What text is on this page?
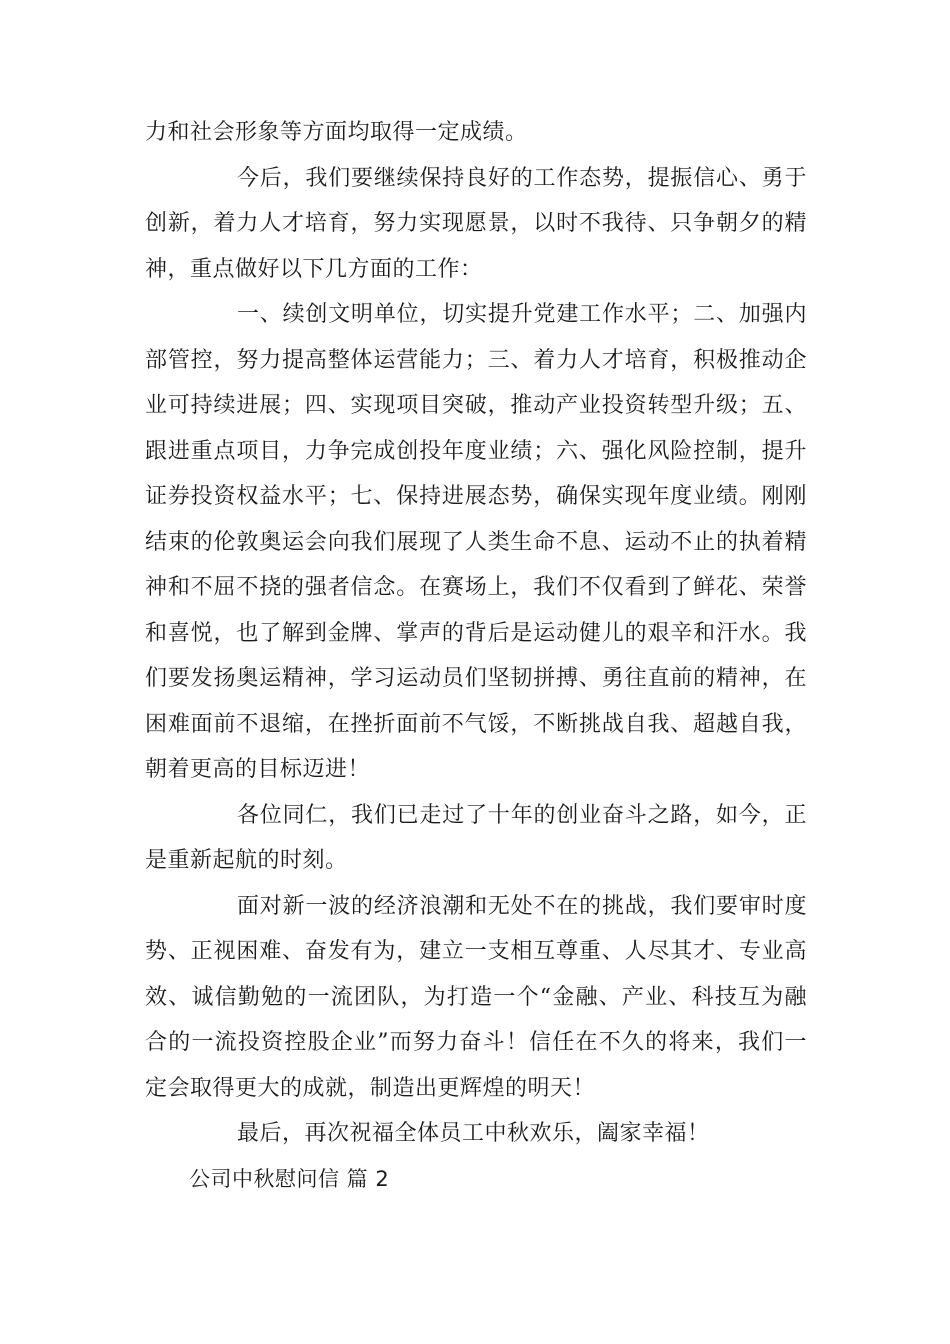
力和社会形象等方面均取得一定成绩。

今后，我们要继续保持良好的工作态势，提振信心、勇于创新，着力人才培育，努力实现愿景，以时不我待、只争朝夕的精神，重点做好以下几方面的工作：

一、续创文明单位，切实提升党建工作水平；二、加强内部管控，努力提高整体运营能力；三、着力人才培育，积极推动企业可持续进展；四、实现项目突破，推动产业投资转型升级；五、跟进重点项目，力争完成创投年度业绩；六、强化风险控制，提升证券投资权益水平；七、保持进展态势，确保实现年度业绩。刚刚结束的伦敦奥运会向我们展现了人类生命不息、运动不止的执着精神和不屈不挠的强者信念。在赛场上，我们不仅看到了鲜花、荣誉和喜悦，也了解到金牌、掌声的背后是运动健儿的艰辛和汗水。我们要发扬奥运精神，学习运动员们坚韧拼搏、勇往直前的精神，在困难面前不退缩，在挫折面前不气馁，不断挑战自我、超越自我，朝着更高的目标迈进！

各位同仁，我们已走过了十年的创业奋斗之路，如今，正是重新起航的时刻。

面对新一波的经济浪潮和无处不在的挑战，我们要审时度势、正视困难、奋发有为，建立一支相互尊重、人尽其才、专业高效、诚信勤勉的一流团队，为打造一个“金融、产业、科技互为融合的一流投资控股企业”而努力奋斗！信任在不久的将来，我们一定会取得更大的成就，制造出更辉煌的明天！

最后，再次祝福全体员工中秋欢乐，阖家幸福！

公司中秋慰问信 篇 2
